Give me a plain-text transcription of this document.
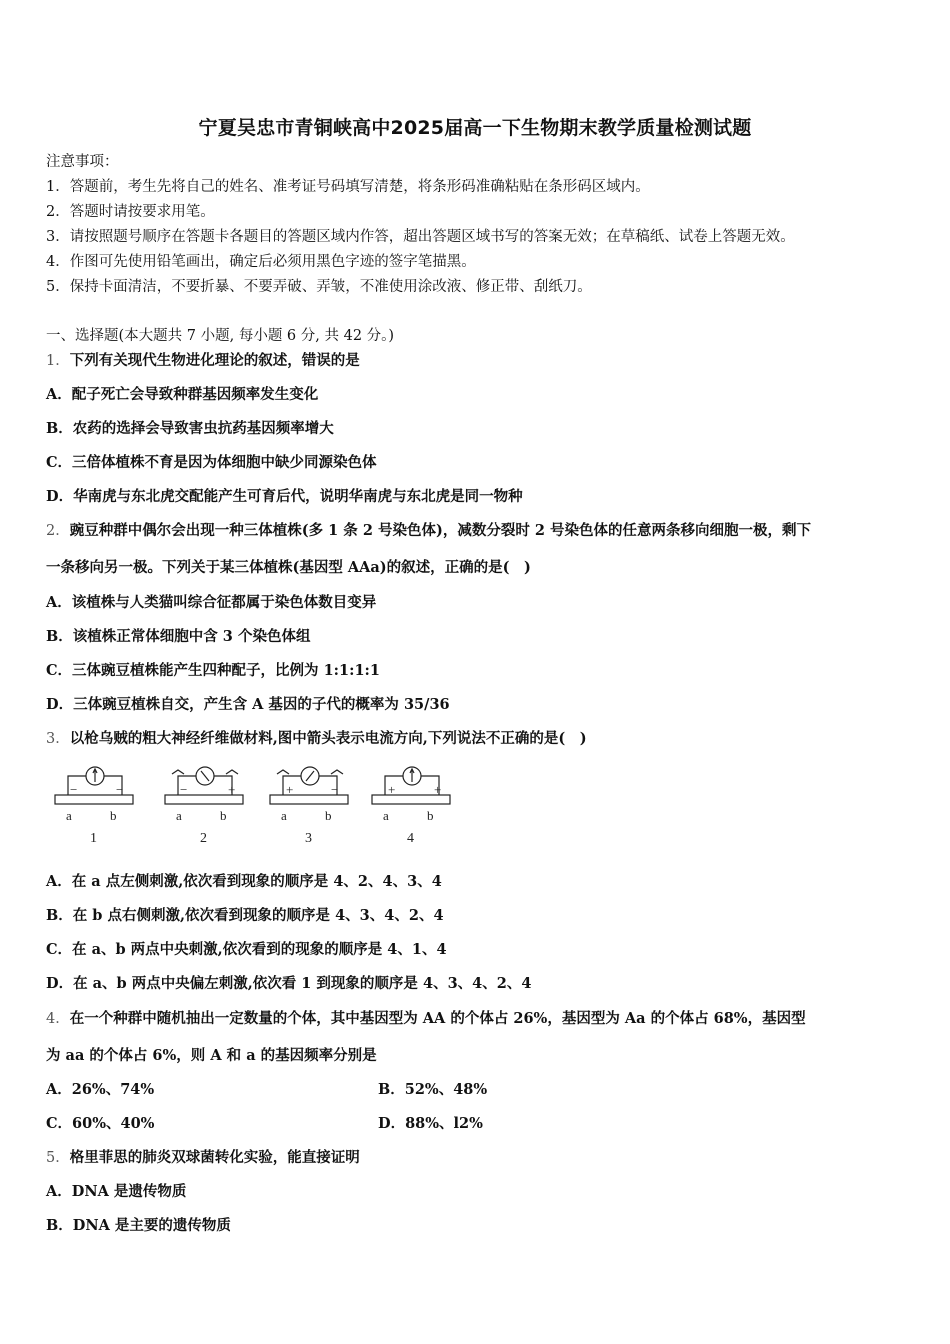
宁夏吴忠市青铜峡高中2025届高一下生物期末教学质量检测试题
注意事项：
1．答题前，考生先将自己的姓名、准考证号码填写清楚，将条形码准确粘贴在条形码区域内。
2．答题时请按要求用笔。
3．请按照题号顺序在答题卡各题目的答题区域内作答，超出答题区域书写的答案无效；在草稿纸、试卷上答题无效。
4．作图可先使用铅笔画出，确定后必须用黑色字迹的签字笔描黑。
5．保持卡面清洁，不要折暴、不要弄破、弄皱，不准使用涂改液、修正带、刮纸刀。
一、选择题(本大题共 7 小题, 每小题 6 分, 共 42 分。)
1．下列有关现代生物进化理论的叙述，错误的是
A．配子死亡会导致种群基因频率发生变化
B．农药的选择会导致害虫抗药基因频率增大
C．三倍体植株不育是因为体细胞中缺少同源染色体
D．华南虎与东北虎交配能产生可育后代，说明华南虎与东北虎是同一物种
2．豌豆种群中偶尔会出现一种三体植株(多 1 条 2 号染色体)，减数分裂时 2 号染色体的任意两条移向细胞一极，剩下
一条移向另一极。下列关于某三体植株(基因型 AAa)的叙述，正确的是(　)
A．该植株与人类猫叫综合征都属于染色体数目变异
B．该植株正常体细胞中含 3 个染色体组
C．三体豌豆植株能产生四种配子，比例为 1:1:1:1
D．三体豌豆植株自交，产生含 A 基因的子代的概率为 35/36
3．以枪乌贼的粗大神经纤维做材料,图中箭头表示电流方向,下列说法不正确的是(　)
−	−
a	b
1
−	+
a	b
2
+	−
a	b
3
+	+
a	b
4
A．在 a 点左侧刺激,依次看到现象的顺序是 4、2、4、3、4
B．在 b 点右侧刺激,依次看到现象的顺序是 4、3、4、2、4
C．在 a、b 两点中央刺激,依次看到的现象的顺序是 4、1、4
D．在 a、b 两点中央偏左刺激,依次看 1 到现象的顺序是 4、3、4、2、4
4．在一个种群中随机抽出一定数量的个体，其中基因型为 AA 的个体占 26%，基因型为 Aa 的个体占 68%，基因型
为 aa 的个体占 6%，则 A 和 a 的基因频率分别是
A．26%、74%	B．52%、48%
C．60%、40%	D．88%、l2%
5．格里菲思的肺炎双球菌转化实验，能直接证明
A．DNA 是遗传物质
B．DNA 是主要的遗传物质
